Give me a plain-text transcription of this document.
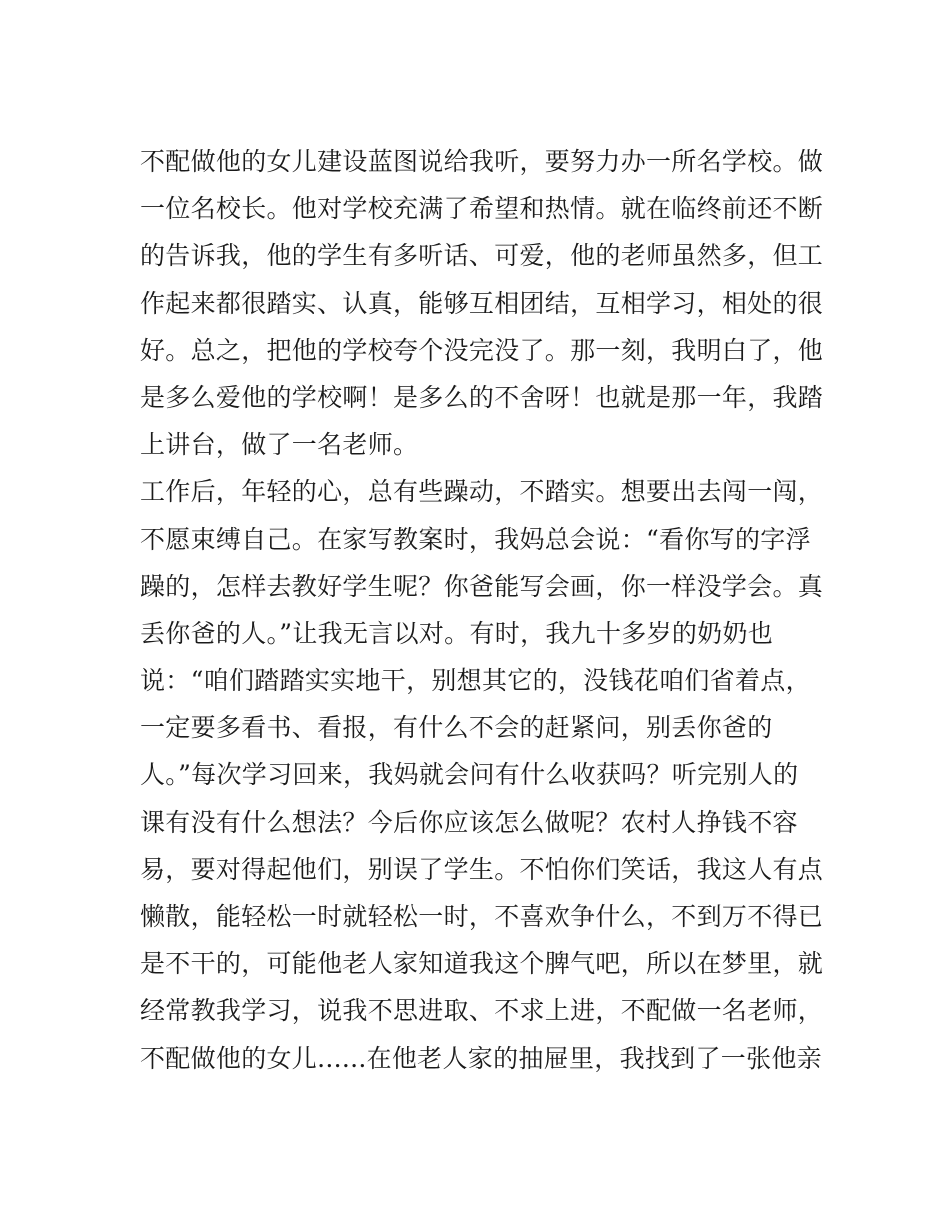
不配做他的女儿建设蓝图说给我听，要努力办一所名学校。做
一位名校长。他对学校充满了希望和热情。就在临终前还不断
的告诉我，他的学生有多听话、可爱，他的老师虽然多，但工
作起来都很踏实、认真，能够互相团结，互相学习，相处的很
好。总之，把他的学校夸个没完没了。那一刻，我明白了，他
是多么爱他的学校啊！是多么的不舍呀！也就是那一年，我踏
上讲台，做了一名老师。
工作后，年轻的心，总有些躁动，不踏实。想要出去闯一闯，
不愿束缚自己。在家写教案时，我妈总会说：“看你写的字浮
躁的，怎样去教好学生呢？你爸能写会画，你一样没学会。真
丢你爸的人。”让我无言以对。有时，我九十多岁的奶奶也
说：“咱们踏踏实实地干，别想其它的，没钱花咱们省着点，
一定要多看书、看报，有什么不会的赶紧问，别丢你爸的
人。”每次学习回来，我妈就会问有什么收获吗？听完别人的
课有没有什么想法？今后你应该怎么做呢？农村人挣钱不容
易，要对得起他们，别误了学生。不怕你们笑话，我这人有点
懒散，能轻松一时就轻松一时，不喜欢争什么，不到万不得已
是不干的，可能他老人家知道我这个脾气吧，所以在梦里，就
经常教我学习，说我不思进取、不求上进，不配做一名老师，
不配做他的女儿......在他老人家的抽屉里，我找到了一张他亲
